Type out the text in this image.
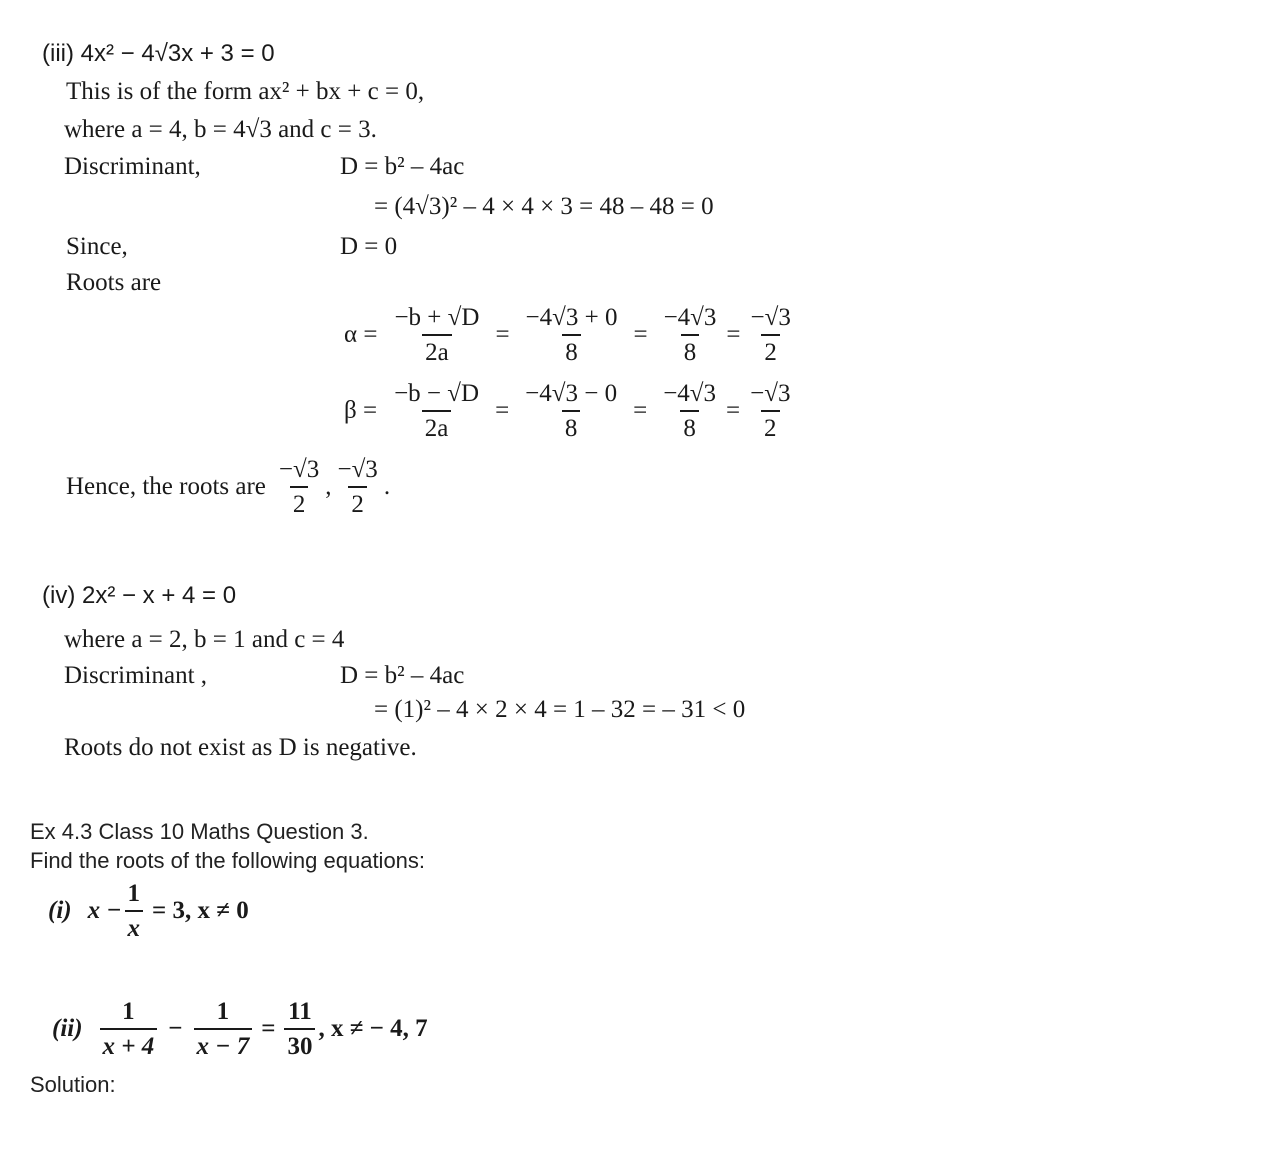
(iii) 4x² − 4√3x + 3 = 0
This is of the form ax² + bx + c = 0,
where a = 4, b = 4√3 and c = 3.
Discriminant,	D = b² – 4ac
= (4√3)² – 4 × 4 × 3 = 48 – 48 = 0
Since,	D = 0
Roots are
$\alpha = \frac{-b + √D}{2a} = \frac{-4√3 + 0}{8} = \frac{-4√3}{8} = \frac{-√3}{2}$
$\beta = \frac{-b - √D}{2a} = \frac{-4√3 - 0}{8} = \frac{-4√3}{8} = \frac{-√3}{2}$
Hence, the roots are $\frac{-√3}{2}$ , $\frac{-√3}{2}$ .
(iv) 2x² − x + 4 = 0
where a = 2, b = 1 and c = 4
Discriminant ,	D = b² – 4ac
= (1)² – 4 × 2 × 4 = 1 – 32 = – 31 < 0
Roots do not exist as D is negative.
Ex 4.3 Class 10 Maths Question 3.
Find the roots of the following equations:
(i) $x - \frac{1}{x} = 3$, x ≠ 0
$(ii) \frac{1}{x + 4} - \frac{1}{x - 7} = \frac{11}{30}$ , x ≠ − 4, 7
Solution:
